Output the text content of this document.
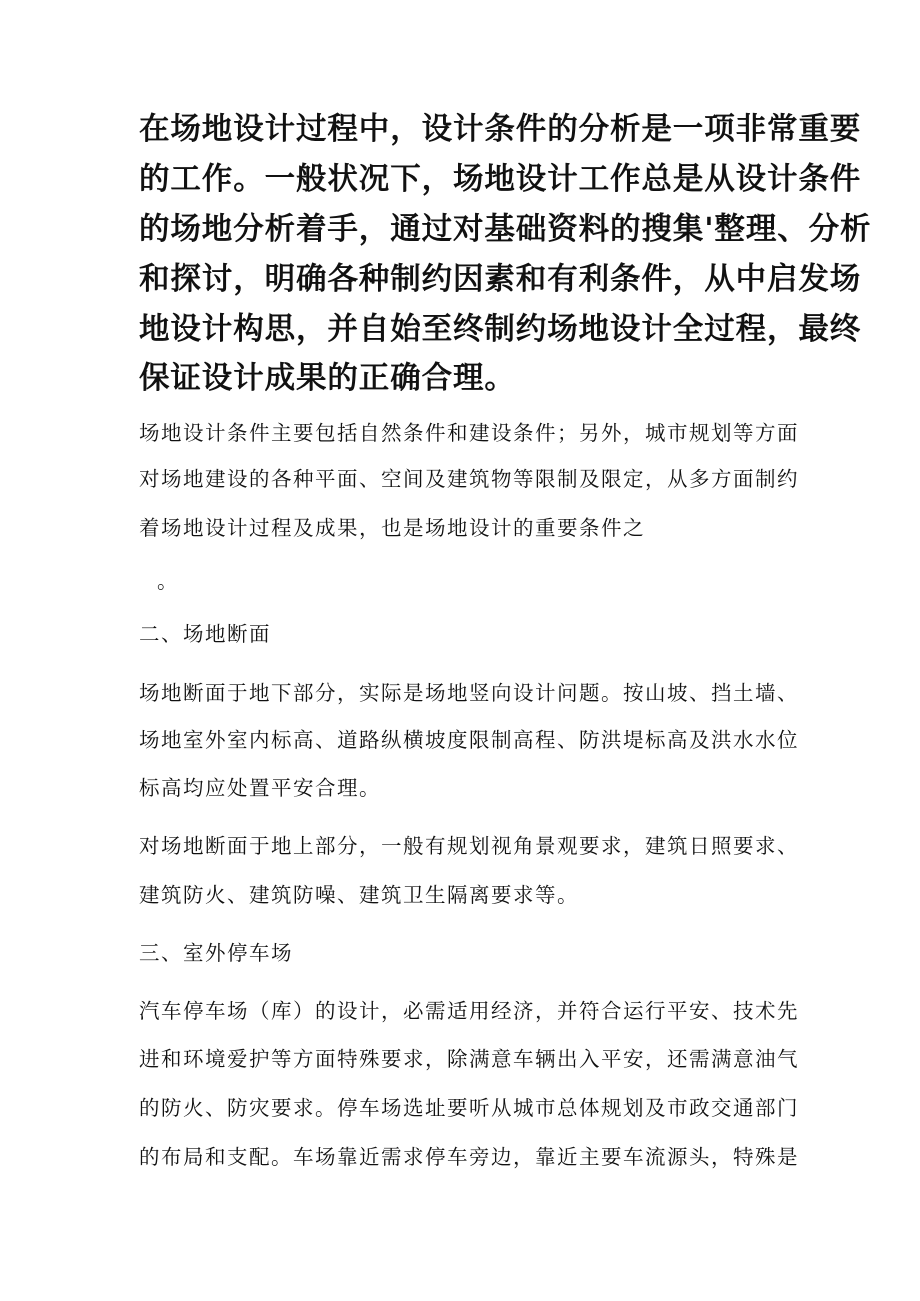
在场地设计过程中，设计条件的分析是一项非常重要
的工作。一般状况下，场地设计工作总是从设计条件
的场地分析着手，通过对基础资料的搜集'整理、分析
和探讨，明确各种制约因素和有利条件，从中启发场
地设计构思，并自始至终制约场地设计全过程，最终
保证设计成果的正确合理。
场地设计条件主要包括自然条件和建设条件；另外，城市规划等方面
对场地建设的各种平面、空间及建筑物等限制及限定，从多方面制约
着场地设计过程及成果，也是场地设计的重要条件之
。
二、场地断面
场地断面于地下部分，实际是场地竖向设计问题。按山坡、挡土墙、
场地室外室内标高、道路纵横坡度限制高程、防洪堤标高及洪水水位
标高均应处置平安合理。
对场地断面于地上部分，一般有规划视角景观要求，建筑日照要求、
建筑防火、建筑防噪、建筑卫生隔离要求等。
三、室外停车场
汽车停车场（库）的设计，必需适用经济，并符合运行平安、技术先
进和环境爱护等方面特殊要求，除满意车辆出入平安，还需满意油气
的防火、防灾要求。停车场选址要听从城市总体规划及市政交通部门
的布局和支配。车场靠近需求停车旁边，靠近主要车流源头，特殊是
